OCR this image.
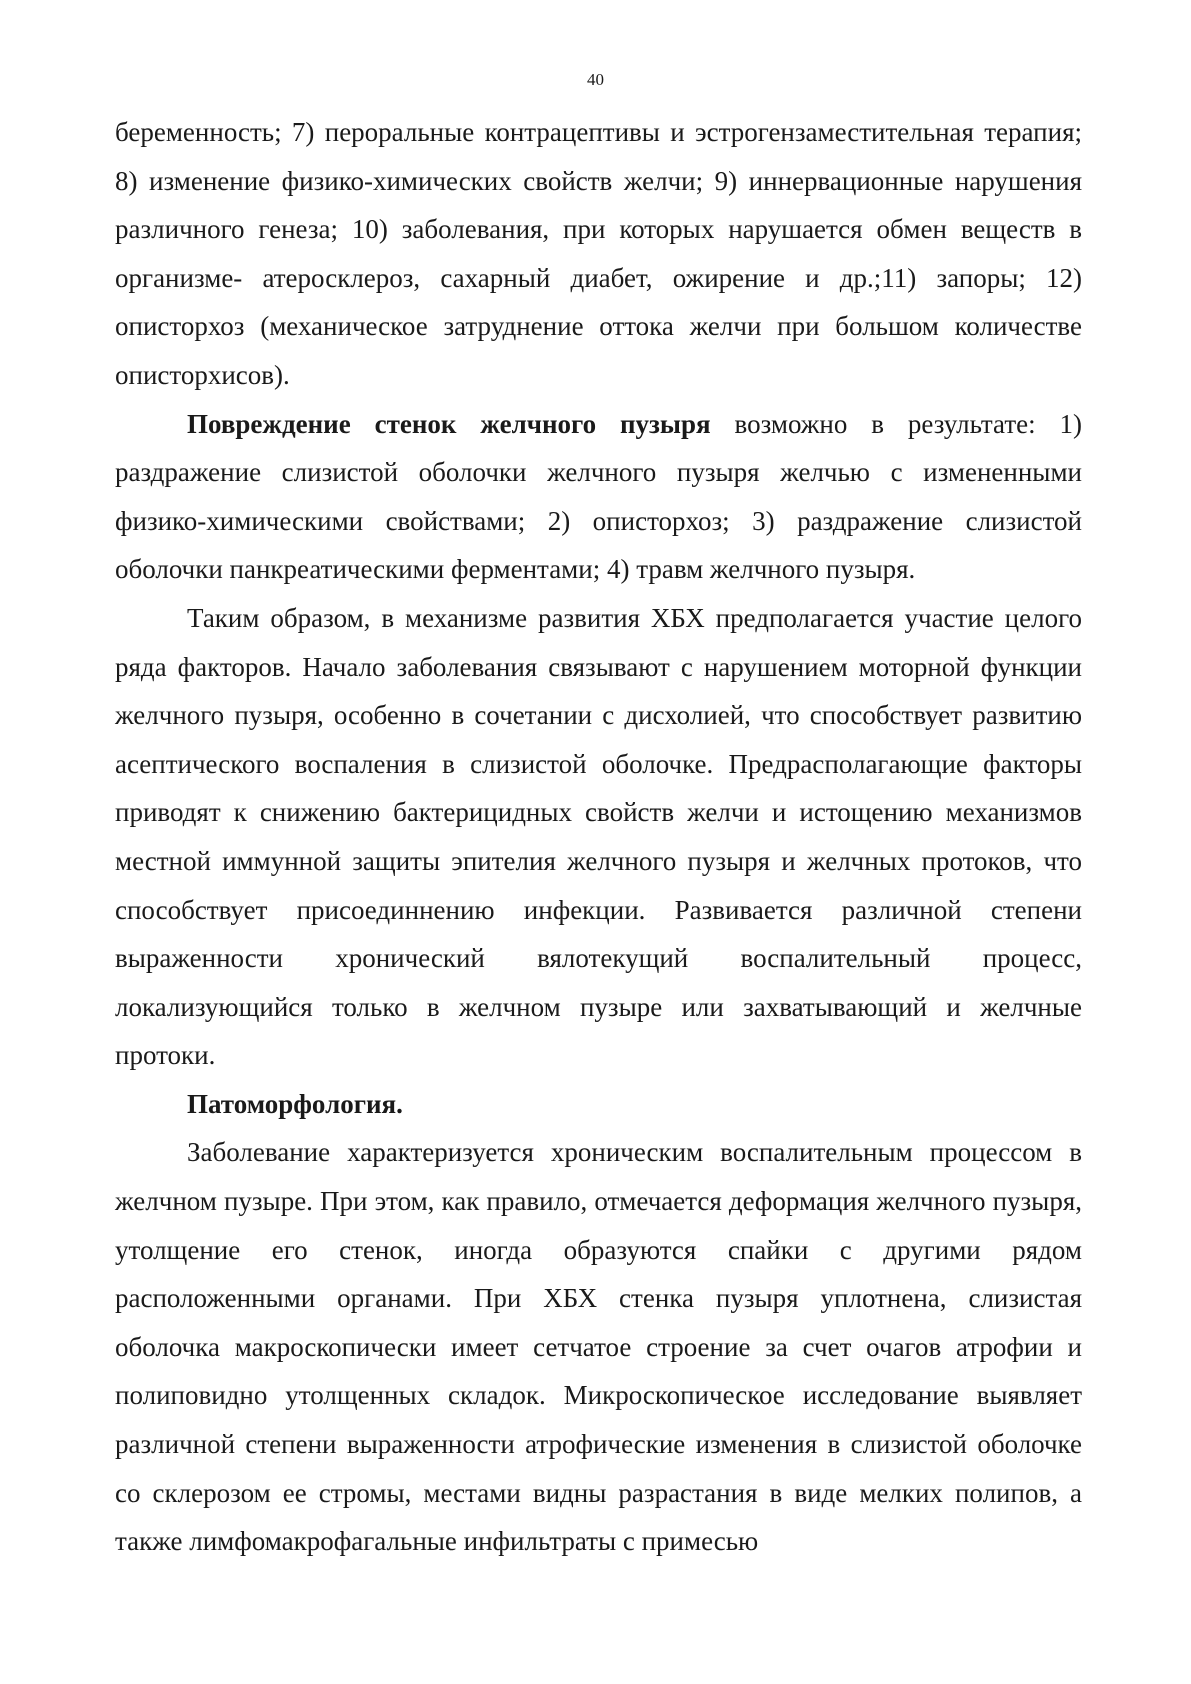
40

беременность; 7) пероральные контрацептивы и эстрогензаместительная терапия; 8) изменение физико-химических свойств желчи; 9) иннервационные нарушения различного генеза; 10) заболевания, при которых нарушается обмен веществ в организме- атеросклероз, сахарный диабет, ожирение и др.;11) запоры; 12) описторхоз (механическое затруднение оттока желчи при большом количестве описторхисов).

Повреждение стенок желчного пузыря возможно в результате: 1) раздражение слизистой оболочки желчного пузыря желчью с измененными физико-химическими свойствами; 2) описторхоз; 3) раздражение слизистой оболочки панкреатическими ферментами; 4) травм желчного пузыря.

Таким образом, в механизме развития ХБХ предполагается участие целого ряда факторов. Начало заболевания связывают с нарушением моторной функции желчного пузыря, особенно в сочетании с дисхолией, что способствует развитию асептического воспаления в слизистой оболочке. Предрасполагающие факторы приводят к снижению бактерицидных свойств желчи и истощению механизмов местной иммунной защиты эпителия желчного пузыря и желчных протоков, что способствует присоединнению инфекции. Развивается различной степени выраженности хронический вялотекущий воспалительный процесс, локализующийся только в желчном пузыре или захватывающий и желчные протоки.

Патоморфология.

Заболевание характеризуется хроническим воспалительным процессом в желчном пузыре. При этом, как правило, отмечается деформация желчного пузыря, утолщение его стенок, иногда образуются спайки с другими рядом расположенными органами. При ХБХ стенка пузыря уплотнена, слизистая оболочка макроскопически имеет сетчатое строение за счет очагов атрофии и полиповидно утолщенных складок. Микроскопическое исследование выявляет различной степени выраженности атрофические изменения в слизистой оболочке со склерозом ее стромы, местами видны разрастания в виде мелких полипов, а также лимфомакрофагальные инфильтраты с примесью
